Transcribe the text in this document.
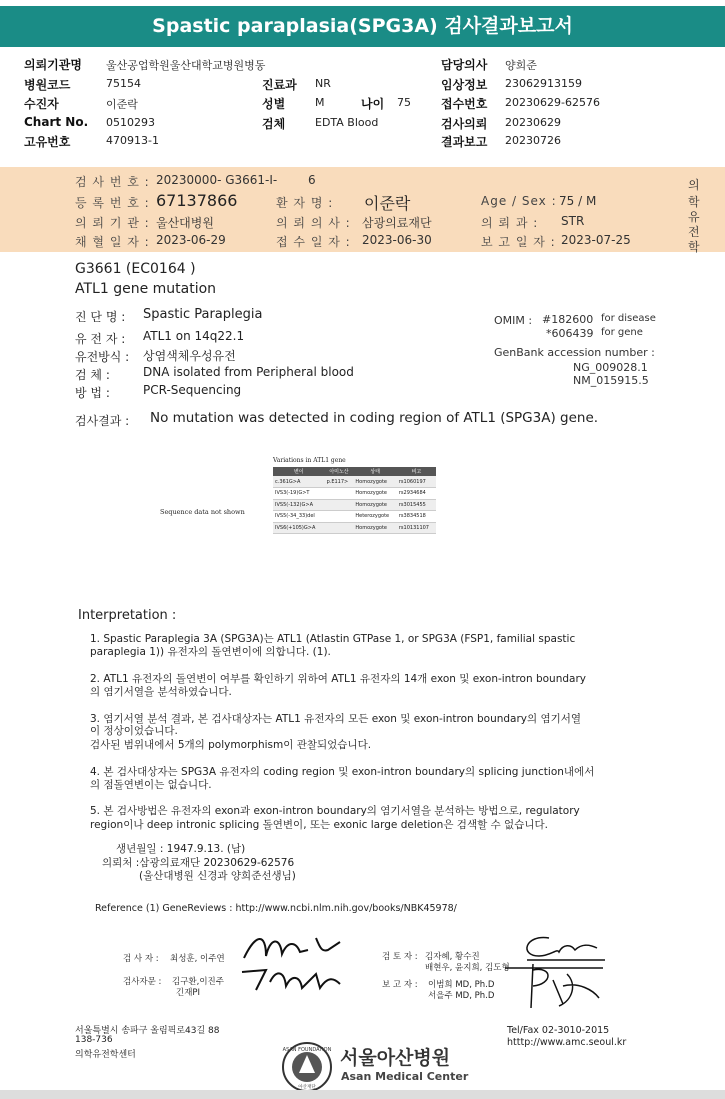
Spastic paraplasia(SPG3A) 검사결과보고서
의뢰기관명 울산공업학원울산대학교병원병동
병원코드	75154
수진자	이준락
Chart No. 0510293
고유번호	470913-1
진료과 NR
성별	M	나이 75
검체	EDTA Blood
담당의사 양희준
임상정보 23062913159
접수번호 20230629-62576
검사의뢰 20230629
결과보고 20230726
검 사 번 호 : 20230000- G3661-I-	6
등 록 번 호 : 67137866	환 자 명 : 이준락	Age / Sex : 75 / M
의 뢰 기 관 : 울산대병원	의 뢰 의 사 : 삼광의료재단	의 뢰 과 : STR
채 혈 일 자 : 2023-06-29	접 수 일 자 : 2023-06-30	보 고 일 자 : 2023-07-25
의
학
유
전
학
G3661 (EC0164 )
ATL1 gene mutation
진 단 명 : Spastic Paraplegia
유 전 자 : ATL1 on 14q22.1
유전방식 : 상염색체우성유전
검 체 :	DNA isolated from Peripheral blood
방 법 :	PCR-Sequencing
OMIM : #182600 for disease
*606439 for gene
GenBank accession number :
NG_009028.1
NM_015915.5
검사결과 : No mutation was detected in coding region of ATL1 (SPG3A) gene.
Variations in ATL1 gene
Sequence data not shown
변이	아미노산	상태	비고
c.361G>A	p.E117>	Homozygote	rs1060197
IVS3(-19)G>T		Homozygote	rs2934684
IVS5(-132)G>A		Homozygote	rs3015455
IVS5(-34_33)del		Heterozygote	rs3834518
IVS6(+105)G>A		Homozygote	rs10131107
Interpretation :
1. Spastic Paraplegia 3A (SPG3A)는 ATL1 (Atlastin GTPase 1, or SPG3A (FSP1, familial spastic
paraplegia 1)) 유전자의 돌연변이에 의합니다. (1).
2. ATL1 유전자의 돌연변이 여부를 확인하기 위하여 ATL1 유전자의 14개 exon 및 exon-intron boundary
의 염기서열을 분석하였습니다.
3. 염기서열 분석 결과, 본 검사대상자는 ATL1 유전자의 모든 exon 및 exon-intron boundary의 염기서열
이 정상이었습니다.
검사된 범위내에서 5개의 polymorphism이 관찰되었습니다.
4. 본 검사대상자는 SPG3A 유전자의 coding region 및 exon-intron boundary의 splicing junction내에서
의 점돌연변이는 없습니다.
5. 본 검사방법은 유전자의 exon과 exon-intron boundary의 염기서열을 분석하는 방법으로, regulatory
region이나 deep intronic splicing 돌연변이, 또는 exonic large deletion은 검색할 수 없습니다.
생년월일 : 1947.9.13. (남)
의뢰처 :삼광의료재단 20230629-62576
(울산대병원 신경과 양희준선생님)
Reference (1) GeneReviews : http://www.ncbi.nlm.nih.gov/books/NBK45978/
검 사 자 : 최성훈, 이주연
검사자문 : 김구환,이진주
긴재PI
검 토 자 : 김자혜, 황수진
배현우, 윤지희, 김도형
보 고 자 : 이범희 MD, Ph.D
서을주 MD, Ph.D
서울특별시 송파구 올림픽로43길 88
138-736
의학유전학센터
Tel/Fax 02-3010-2015
htttp://www.amc.seoul.kr
ASAN FOUNDATION
아산재단
서울아산병원
Asan Medical Center
